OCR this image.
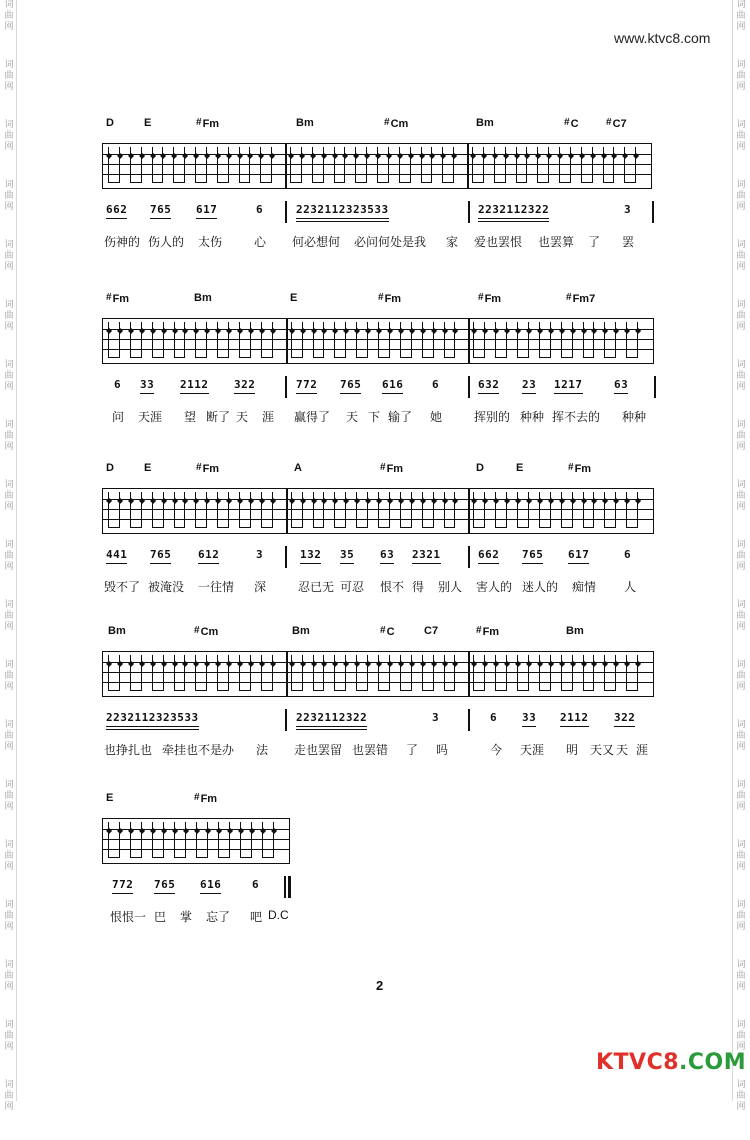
词
曲
网
词
曲
网
词
曲
网
词
曲
网
词
曲
网
词
曲
网
词
曲
网
词
曲
网
词
曲
网
词
曲
网
词
曲
网
词
曲
网
词
曲
网
词
曲
网
词
曲
网
词
曲
网
词
曲
网
词
曲
网
词
曲
网
词
曲
网
词
曲
网
词
曲
网
词
曲
网
词
曲
网
词
曲
网
词
曲
网
词
曲
网
词
曲
网
词
曲
网
词
曲
网
词
曲
网
词
曲
网
词
曲
网
词
曲
网
词
曲
网
词
曲
网
词
曲
网
词
曲
网
www.ktvc8.com
D	E	#Fm	Bm	#Cm	Bm	#C	#C7
◆ ◆ ◆ ◆ ◆ ◆ ◆ ◆ ◆ ◆ ◆ ◆ ◆ ◆ ◆ ◆ ◆ ◆ ◆ ◆ ◆ ◆ ◆ ◆ ◆ ◆ ◆ ◆ ◆ ◆ ◆ ◆ ◆ ◆ ◆ ◆ ◆ ◆ ◆ ◆ ◆ ◆ ◆ ◆ ◆ ◆ ◆ ◆
662 765 617	6	2232112323533	2232112322	3
伤神的 伤人的 太伤	心 何必想何 必问何处是我 家 爱也罢恨 也罢算 了 罢
#Fm	Bm	E	#Fm	#Fm	#Fm7
◆ ◆ ◆ ◆ ◆ ◆ ◆ ◆ ◆ ◆ ◆ ◆ ◆ ◆ ◆ ◆ ◆ ◆ ◆ ◆ ◆ ◆ ◆ ◆ ◆ ◆ ◆ ◆ ◆ ◆ ◆ ◆ ◆ ◆ ◆ ◆ ◆ ◆ ◆ ◆ ◆ ◆ ◆ ◆ ◆ ◆ ◆ ◆
6 33 2112 322	772 765 616	6	632 23 1217	63
问 天涯 望 断了 天 涯 赢得了 天 下 输了 她	挥别的 种种 挥不去的 种种
D	E	#Fm	A	#Fm	D	E	#Fm
◆ ◆ ◆ ◆ ◆ ◆ ◆ ◆ ◆ ◆ ◆ ◆ ◆ ◆ ◆ ◆ ◆ ◆ ◆ ◆ ◆ ◆ ◆ ◆ ◆ ◆ ◆ ◆ ◆ ◆ ◆ ◆ ◆ ◆ ◆ ◆ ◆ ◆ ◆ ◆ ◆ ◆ ◆ ◆ ◆ ◆ ◆ ◆
441 765 612	3	132 35 63 2321	662 765 617	6
毁不了 被淹没 一往情 深	忍已无 可忍 恨不 得 别人 害人的 迷人的 痴情 人
Bm	#Cm	Bm	#C	C7	#Fm	Bm
◆ ◆ ◆ ◆ ◆ ◆ ◆ ◆ ◆ ◆ ◆ ◆ ◆ ◆ ◆ ◆ ◆ ◆ ◆ ◆ ◆ ◆ ◆ ◆ ◆ ◆ ◆ ◆ ◆ ◆ ◆ ◆ ◆ ◆ ◆ ◆ ◆ ◆ ◆ ◆ ◆ ◆ ◆ ◆ ◆ ◆ ◆ ◆
2232112323533	2232112322	3	6 33 2112 322
也挣扎也 牵挂也不是办 法 走也罢留 也罢错 了 吗	今 天涯 明 天又 天 涯
E	#Fm
◆ ◆ ◆ ◆ ◆ ◆ ◆ ◆ ◆ ◆ ◆ ◆ ◆ ◆ ◆ ◆
772 765 616	6
恨恨一 巴 掌 忘了 吧 D.C
2
KTVC8.COM
